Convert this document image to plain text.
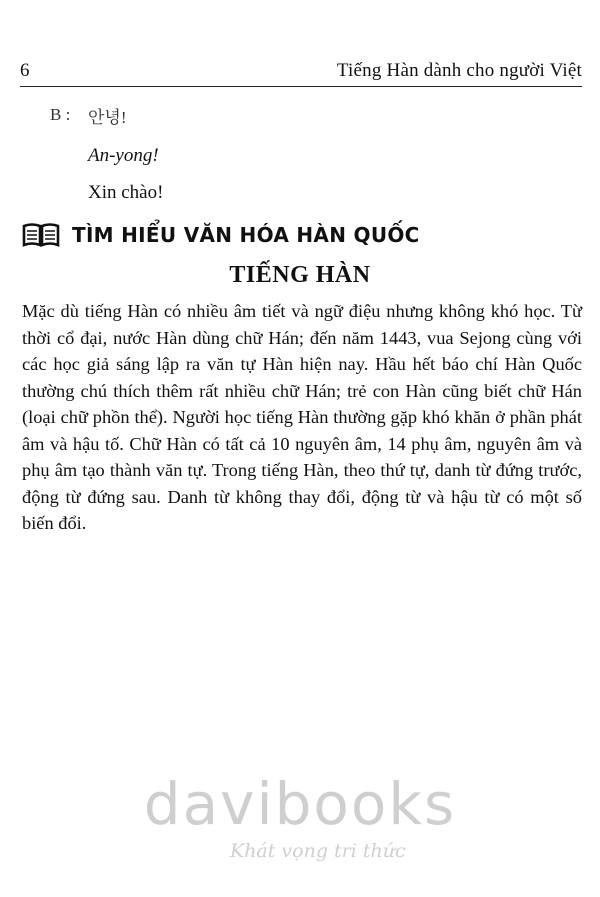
6	Tiếng Hàn dành cho người Việt
B : 안녕!
An-yong!
Xin chào!
TÌM HIỂU VĂN HÓA HÀN QUỐC
TIẾNG HÀN

Mặc dù tiếng Hàn có nhiều âm tiết và ngữ điệu nhưng không khó học. Từ thời cổ đại, nước Hàn dùng chữ Hán; đến năm 1443, vua Sejong cùng với các học giả sáng lập ra văn tự Hàn hiện nay. Hầu hết báo chí Hàn Quốc thường chú thích thêm rất nhiều chữ Hán; trẻ con Hàn cũng biết chữ Hán (loại chữ phồn thể). Người học tiếng Hàn thường gặp khó khăn ở phần phát âm và hậu tố. Chữ Hàn có tất cả 10 nguyên âm, 14 phụ âm, nguyên âm và phụ âm tạo thành văn tự. Trong tiếng Hàn, theo thứ tự, danh từ đứng trước, động từ đứng sau. Danh từ không thay đổi, động từ và hậu từ có một số biến đổi.

davibooks
Khát vọng tri thức
